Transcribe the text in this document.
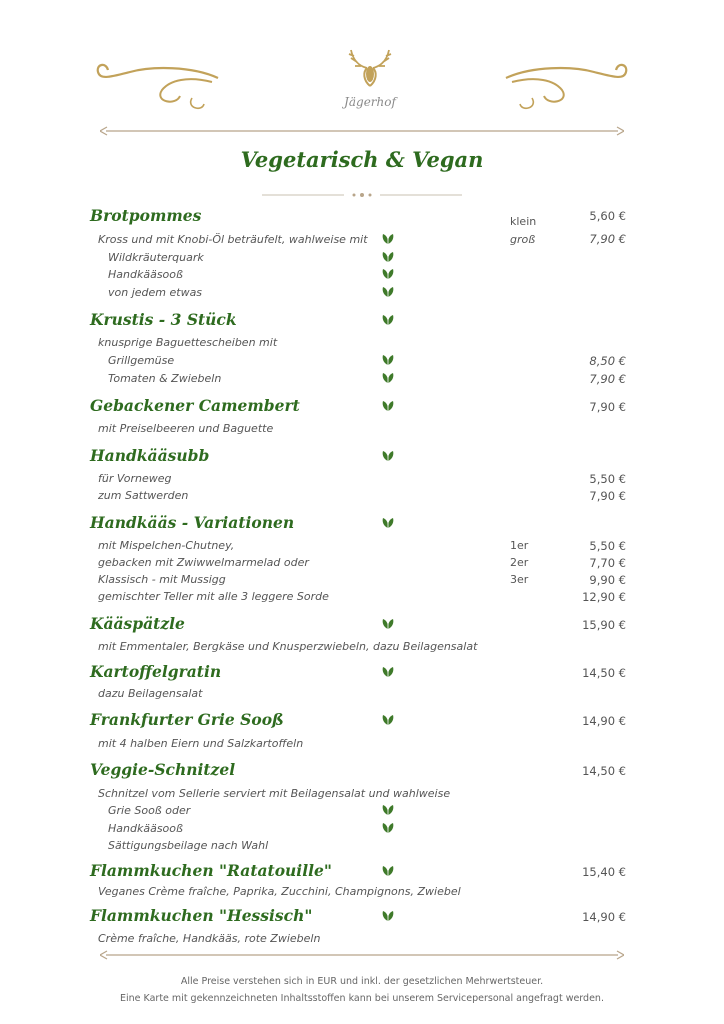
Jägerhof
Vegetarisch & Vegan
Brotpommes	klein	5,60 €
Kross und mit Knobi-Öl beträufelt, wahlweise mit	groß	7,90 €
Wildkräuterquark
Handkääsooß
von jedem etwas
Krustis - 3 Stück
knusprige Baguettescheiben mit
Grillgemüse	8,50 €
Tomaten & Zwiebeln	7,90 €
Gebackener Camembert	7,90 €
mit Preiselbeeren und Baguette
Handkääsubb
für Vorneweg	5,50 €
zum Sattwerden	7,90 €
Handkääs - Variationen
mit Mispelchen-Chutney,	1er	5,50 €
gebacken mit Zwiwwelmarmelad oder	2er	7,70 €
Klassisch - mit Mussigg	3er	9,90 €
gemischter Teller mit alle 3 leggere Sorde	12,90 €
Kääspätzle	15,90 €
mit Emmentaler, Bergkäse und Knusperzwiebeln, dazu Beilagensalat
Kartoffelgratin	14,50 €
dazu Beilagensalat
Frankfurter Grie Sooß	14,90 €
mit 4 halben Eiern und Salzkartoffeln
Veggie-Schnitzel	14,50 €
Schnitzel vom Sellerie serviert mit Beilagensalat und wahlweise
Grie Sooß oder
Handkääsooß
Sättigungsbeilage nach Wahl
Flammkuchen "Ratatouille"	15,40 €
Veganes Crème fraîche, Paprika, Zucchini, Champignons, Zwiebel
Flammkuchen "Hessisch"	14,90 €
Crème fraîche, Handkääs, rote Zwiebeln
Alle Preise verstehen sich in EUR und inkl. der gesetzlichen Mehrwertsteuer.
Eine Karte mit gekennzeichneten Inhaltsstoffen kann bei unserem Servicepersonal angefragt werden.
